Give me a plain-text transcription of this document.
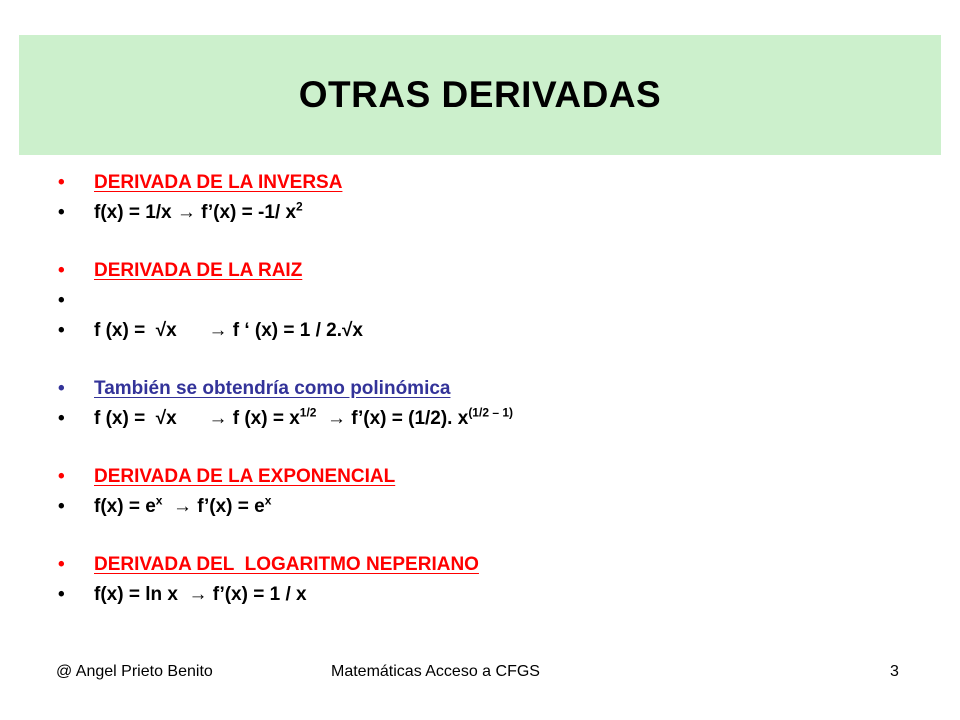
OTRAS DERIVADAS
•	DERIVADA DE LA INVERSA
•	f(x) = 1/x → f’(x) = -1/ $x^2$
•	DERIVADA DE LA RAIZ
•
•	f (x) =  √x      → f ‘ (x) = 1 / 2.√x
•	También se obtendría como polinómica
•	f (x) =  √x      → f $(x) = x^{1/2}$ → f’(x) = (1/2). $x^{(1/2 - 1)}$
•	DERIVADA DE LA EXPONENCIAL
•	$f(x) = e^x$ → f’(x) = $e^x$
•	DERIVADA DEL  LOGARITMO NEPERIANO
•	f(x) = ln x  → f’(x) = 1 / x
@ Angel Prieto Benito	Matemáticas Acceso a CFGS	3
